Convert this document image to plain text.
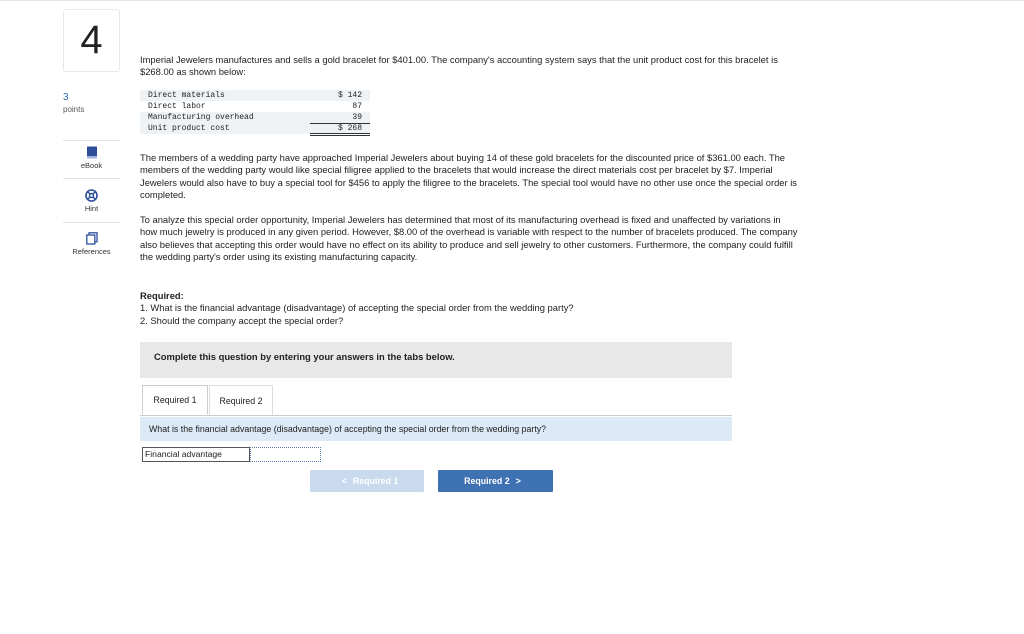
4
3
points
eBook
Hint
References
Imperial Jewelers manufactures and sells a gold bracelet for $401.00. The company's accounting system says that the unit product cost for this bracelet is $268.00 as shown below:
Direct materials	$ 142
Direct labor	87
Manufacturing overhead	39
Unit product cost	$ 268
The members of a wedding party have approached Imperial Jewelers about buying 14 of these gold bracelets for the discounted price of $361.00 each. The members of the wedding party would like special filigree applied to the bracelets that would increase the direct materials cost per bracelet by $7. Imperial Jewelers would also have to buy a special tool for $456 to apply the filigree to the bracelets. The special tool would have no other use once the special order is completed.
To analyze this special order opportunity, Imperial Jewelers has determined that most of its manufacturing overhead is fixed and unaffected by variations in how much jewelry is produced in any given period. However, $8.00 of the overhead is variable with respect to the number of bracelets produced. The company also believes that accepting this order would have no effect on its ability to produce and sell jewelry to other customers. Furthermore, the company could fulfill the wedding party's order using its existing manufacturing capacity.
Required:
1. What is the financial advantage (disadvantage) of accepting the special order from the wedding party?
2. Should the company accept the special order?
Complete this question by entering your answers in the tabs below.
Required 1	Required 2
What is the financial advantage (disadvantage) of accepting the special order from the wedding party?
Financial advantage
< Required 1	Required 2 >
